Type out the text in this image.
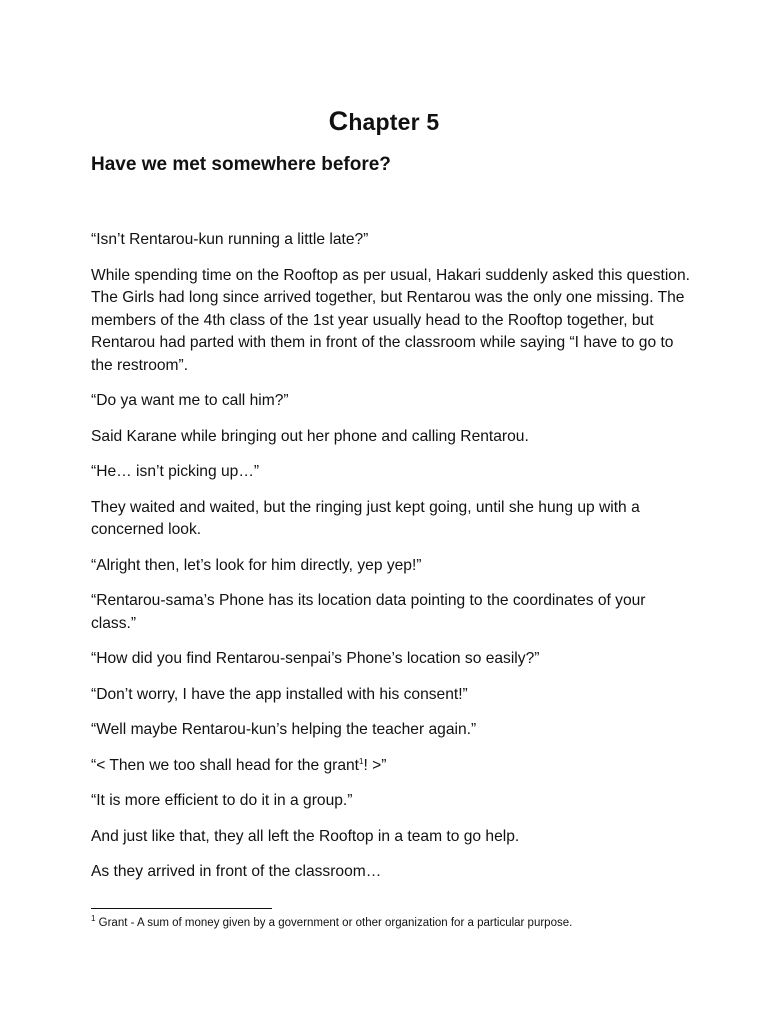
Chapter 5
Have we met somewhere before?

“Isn’t Rentarou-kun running a little late?”

While spending time on the Rooftop as per usual, Hakari suddenly asked this question. The Girls had long since arrived together, but Rentarou was the only one missing. The members of the 4th class of the 1st year usually head to the Rooftop together, but Rentarou had parted with them in front of the classroom while saying “I have to go to the restroom”.

“Do ya want me to call him?”

Said Karane while bringing out her phone and calling Rentarou.

“He… isn’t picking up…”

They waited and waited, but the ringing just kept going, until she hung up with a concerned look.

“Alright then, let’s look for him directly, yep yep!”

“Rentarou-sama’s Phone has its location data pointing to the coordinates of your class.”

“How did you find Rentarou-senpai’s Phone’s location so easily?”

“Don’t worry, I have the app installed with his consent!”

“Well maybe Rentarou-kun’s helping the teacher again.”

“< Then we too shall head for the grant$^1$! >”

“It is more efficient to do it in a group.”

And just like that, they all left the Rooftop in a team to go help.

As they arrived in front of the classroom…

$^1$ Grant - A sum of money given by a government or other organization for a particular purpose.
